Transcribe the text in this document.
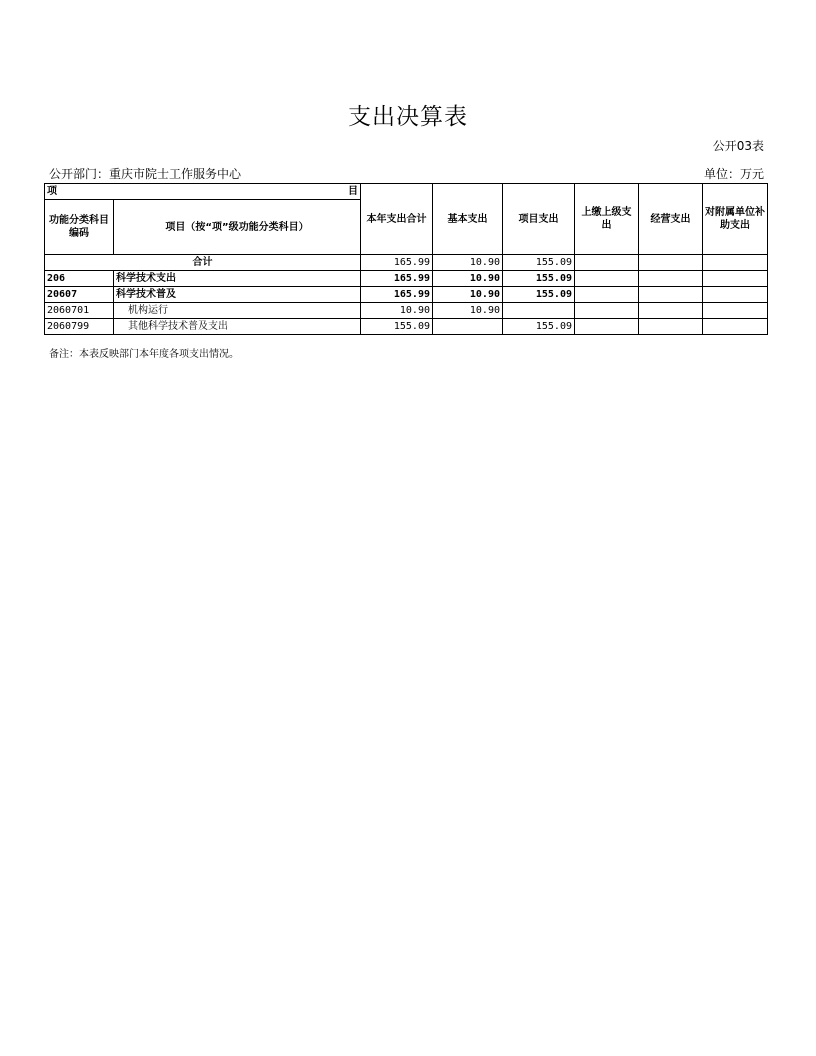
支出决算表
公开03表
公开部门：重庆市院士工作服务中心	单位：万元
项 目		本年支出合计	基本支出	项目支出	上缴上级支出	经营支出	对附属单位补助支出
功能分类科目编码	项目（按“项”级功能分类科目）						
合计		165.99	10.90	155.09			
206	科学技术支出	165.99	10.90	155.09			
20607	科学技术普及	165.99	10.90	155.09			
2060701	机构运行	10.90	10.90				
2060799	其他科学技术普及支出	155.09		155.09			
备注：本表反映部门本年度各项支出情况。
